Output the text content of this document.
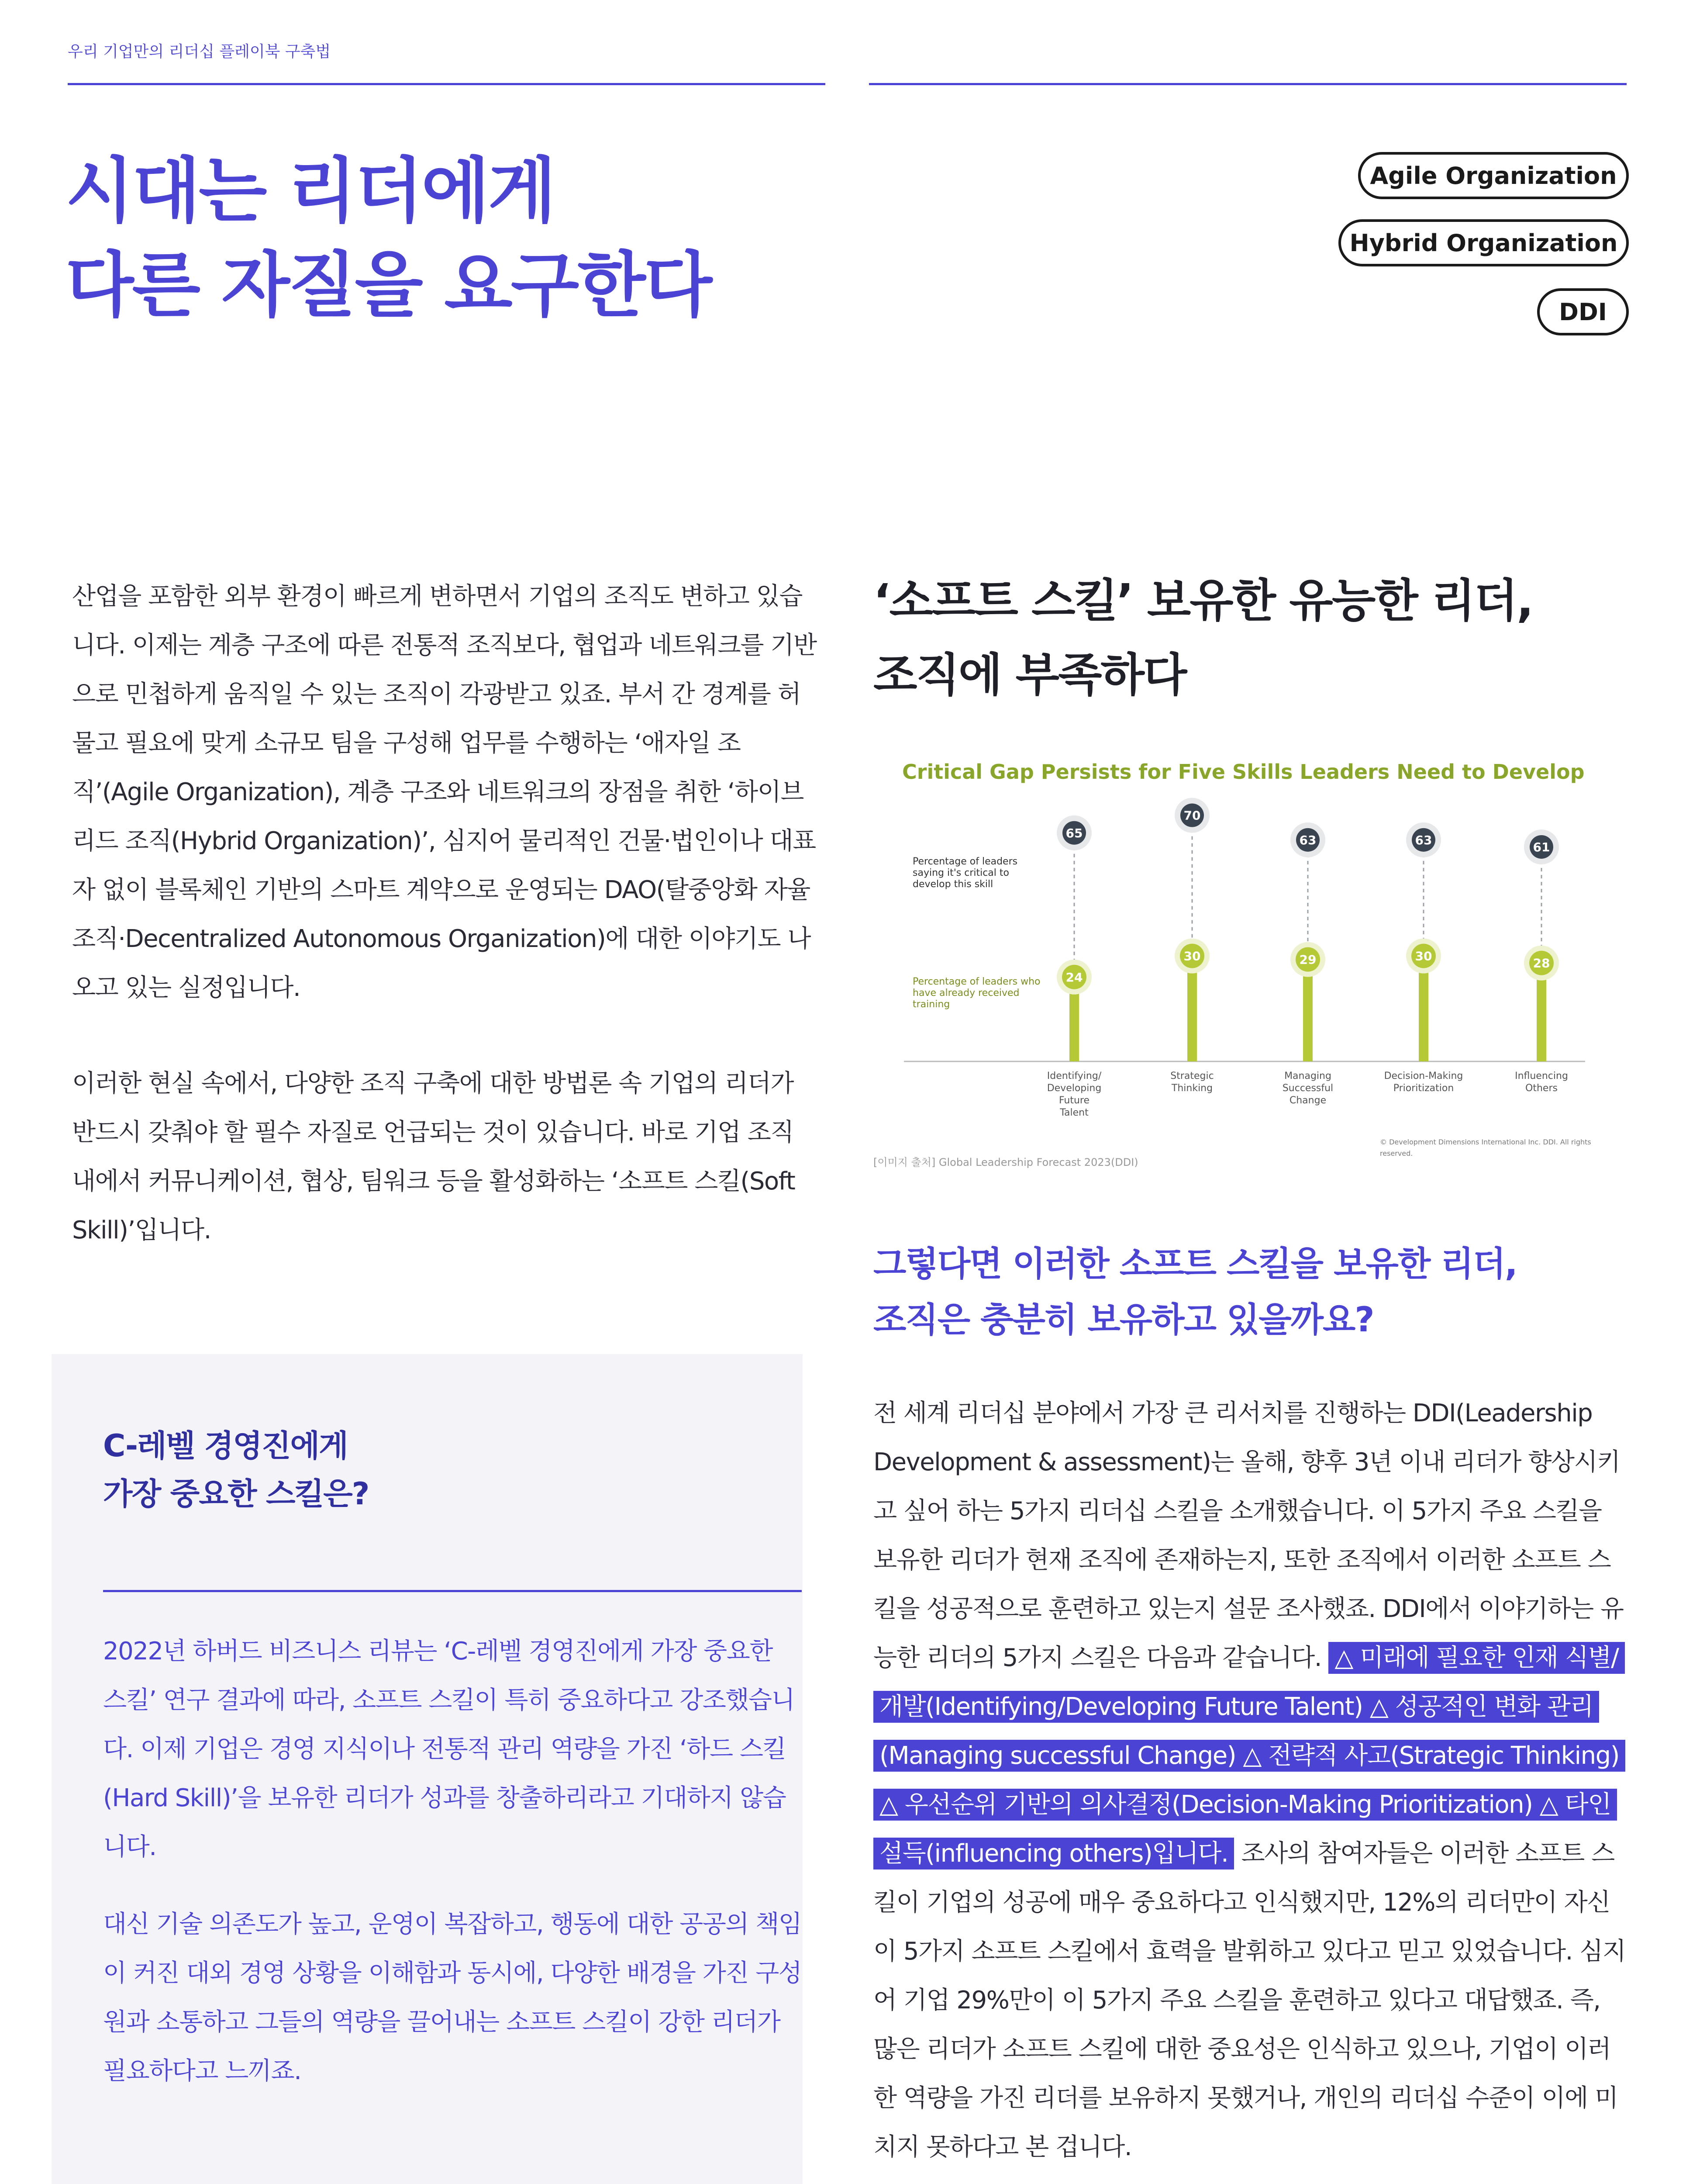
우리 기업만의 리더십 플레이북 구축법
시대는 리더에게
다른 자질을 요구한다
Agile Organization
Hybrid Organization
DDI
산업을 포함한 외부 환경이 빠르게 변하면서 기업의 조직도 변하고 있습니다. 이제는 계층 구조에 따른 전통적 조직보다, 협업과 네트워크를 기반으로 민첩하게 움직일 수 있는 조직이 각광받고 있죠. 부서 간 경계를 허물고 필요에 맞게 소규모 팀을 구성해 업무를 수행하는 ‘애자일 조직’(Agile Organization), 계층 구조와 네트워크의 장점을 취한 ‘하이브리드 조직(Hybrid Organization)’, 심지어 물리적인 건물·법인이나 대표자 없이 블록체인 기반의 스마트 계약으로 운영되는 DAO(탈중앙화 자율 조직·Decentralized Autonomous Organization)에 대한 이야기도 나오고 있는 실정입니다.
이러한 현실 속에서, 다양한 조직 구축에 대한 방법론 속 기업의 리더가 반드시 갖춰야 할 필수 자질로 언급되는 것이 있습니다. 바로 기업 조직 내에서 커뮤니케이션, 협상, 팀워크 등을 활성화하는 ‘소프트 스킬(Soft Skill)’입니다.
C-레벨 경영진에게
가장 중요한 스킬은?
2022년 하버드 비즈니스 리뷰는 ‘C-레벨 경영진에게 가장 중요한 스킬’ 연구 결과에 따라, 소프트 스킬이 특히 중요하다고 강조했습니다. 이제 기업은 경영 지식이나 전통적 관리 역량을 가진 ‘하드 스킬(Hard Skill)’을 보유한 리더가 성과를 창출하리라고 기대하지 않습니다.
대신 기술 의존도가 높고, 운영이 복잡하고, 행동에 대한 공공의 책임이 커진 대외 경영 상황을 이해함과 동시에, 다양한 배경을 가진 구성원과 소통하고 그들의 역량을 끌어내는 소프트 스킬이 강한 리더가 필요하다고 느끼죠.
‘소프트 스킬’ 보유한 유능한 리더,
조직에 부족하다
Critical Gap Persists for Five Skills Leaders Need to Develop
Percentage of leaders saying it's critical to develop this skill
Percentage of leaders who have already received training
65
24
Identifying/ Developing Future Talent
70
30
Strategic Thinking
63
29
Managing Successful Change
63
30
Decision-Making Prioritization
61
28
Influencing Others
© Development Dimensions International Inc. DDI. All rights reserved.
[이미지 출처] Global Leadership Forecast 2023(DDI)
그렇다면 이러한 소프트 스킬을 보유한 리더,
조직은 충분히 보유하고 있을까요?
전 세계 리더십 분야에서 가장 큰 리서치를 진행하는 DDI(Leadership Development & assessment)는 올해, 향후 3년 이내 리더가 향상시키고 싶어 하는 5가지 리더십 스킬을 소개했습니다. 이 5가지 주요 스킬을 보유한 리더가 현재 조직에 존재하는지, 또한 조직에서 이러한 소프트 스킬을 성공적으로 훈련하고 있는지 설문 조사했죠. DDI에서 이야기하는 유능한 리더의 5가지 스킬은 다음과 같습니다. △ 미래에 필요한 인재 식별/개발(Identifying/Developing Future Talent) △ 성공적인 변화 관리(Managing successful Change) △ 전략적 사고(Strategic Thinking) △ 우선순위 기반의 의사결정(Decision-Making Prioritization) △ 타인 설득(influencing others)입니다. 조사의 참여자들은 이러한 소프트 스킬이 기업의 성공에 매우 중요하다고 인식했지만, 12%의 리더만이 자신이 5가지 소프트 스킬에서 효력을 발휘하고 있다고 믿고 있었습니다. 심지어 기업 29%만이 이 5가지 주요 스킬을 훈련하고 있다고 대답했죠. 즉, 많은 리더가 소프트 스킬에 대한 중요성은 인식하고 있으나, 기업이 이러한 역량을 가진 리더를 보유하지 못했거나, 개인의 리더십 수준이 이에 미치지 못하다고 본 겁니다.
